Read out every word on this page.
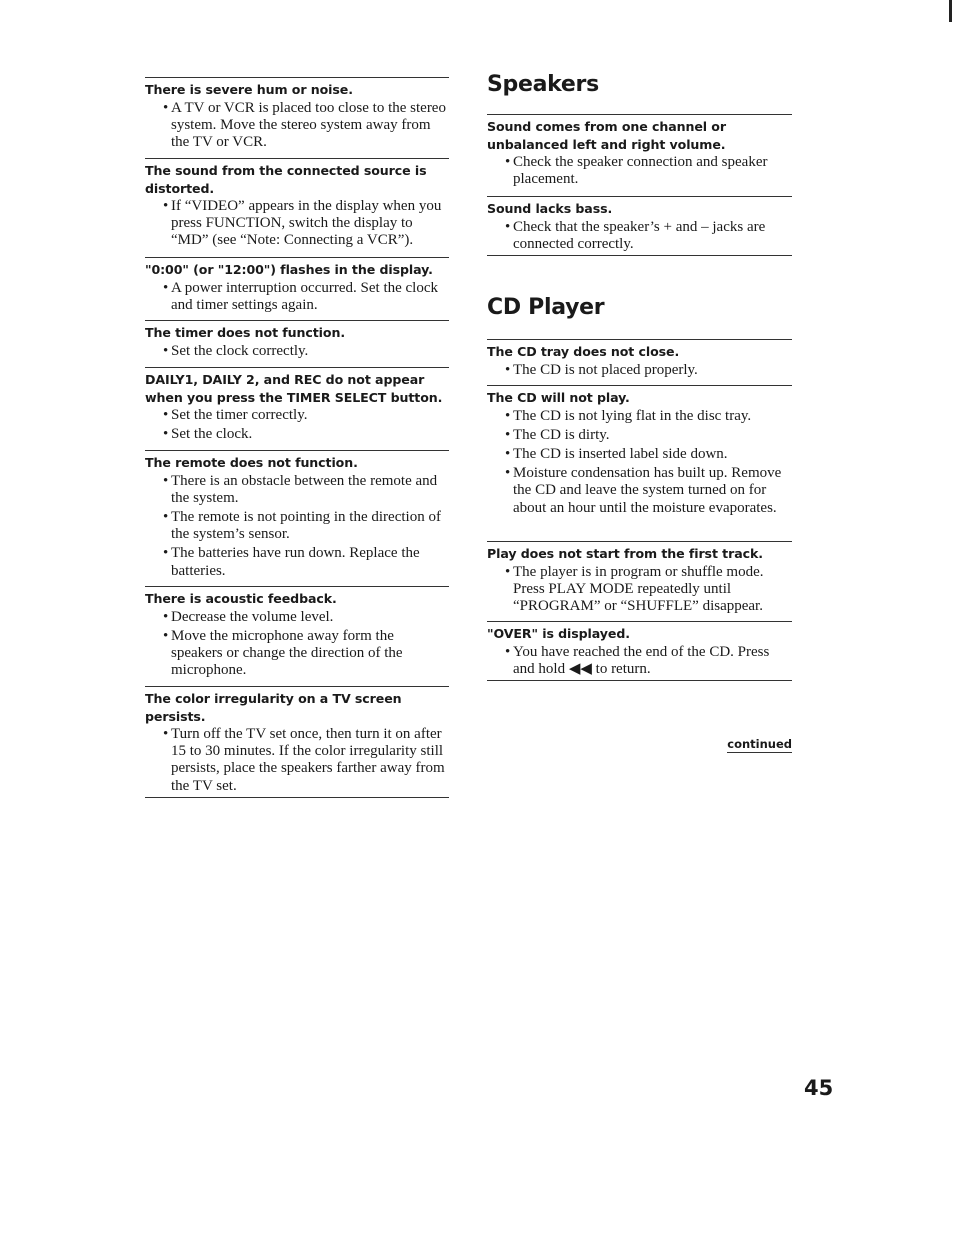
There is severe hum or noise.

• A TV or VCR is placed too close to the stereo system. Move the stereo system away from the TV or VCR.

The sound from the connected source is distorted.

• If “VIDEO” appears in the display when you press FUNCTION, switch the display to “MD” (see “Note: Connecting a VCR”).

"0:00" (or "12:00") flashes in the display.

• A power interruption occurred. Set the clock and timer settings again.

The timer does not function.

• Set the clock correctly.

DAILY1, DAILY 2, and REC do not appear when you press the TIMER SELECT button.

• Set the timer correctly.
• Set the clock.

The remote does not function.

• There is an obstacle between the remote and the system.
• The remote is not pointing in the direction of the system’s sensor.
• The batteries have run down. Replace the batteries.

There is acoustic feedback.

• Decrease the volume level.
• Move the microphone away form the speakers or change the direction of the microphone.

The color irregularity on a TV screen persists.

• Turn off the TV set once, then turn it on after 15 to 30 minutes. If the color irregularity still persists, place the speakers farther away from the TV set.
Speakers

Sound comes from one channel or unbalanced left and right volume.

• Check the speaker connection and speaker placement.

Sound lacks bass.

• Check that the speaker’s + and – jacks are connected correctly.
CD Player

The CD tray does not close.

• The CD is not placed properly.

The CD will not play.

• The CD is not lying flat in the disc tray.
• The CD is dirty.
• The CD is inserted label side down.
• Moisture condensation has built up. Remove the CD and leave the system turned on for about an hour until the moisture evaporates.

Play does not start from the first track.

• The player is in program or shuffle mode. Press PLAY MODE repeatedly until “PROGRAM” or “SHUFFLE” disappear.

"OVER" is displayed.

• You have reached the end of the CD. Press and hold ◀◀ to return.
continued
45
